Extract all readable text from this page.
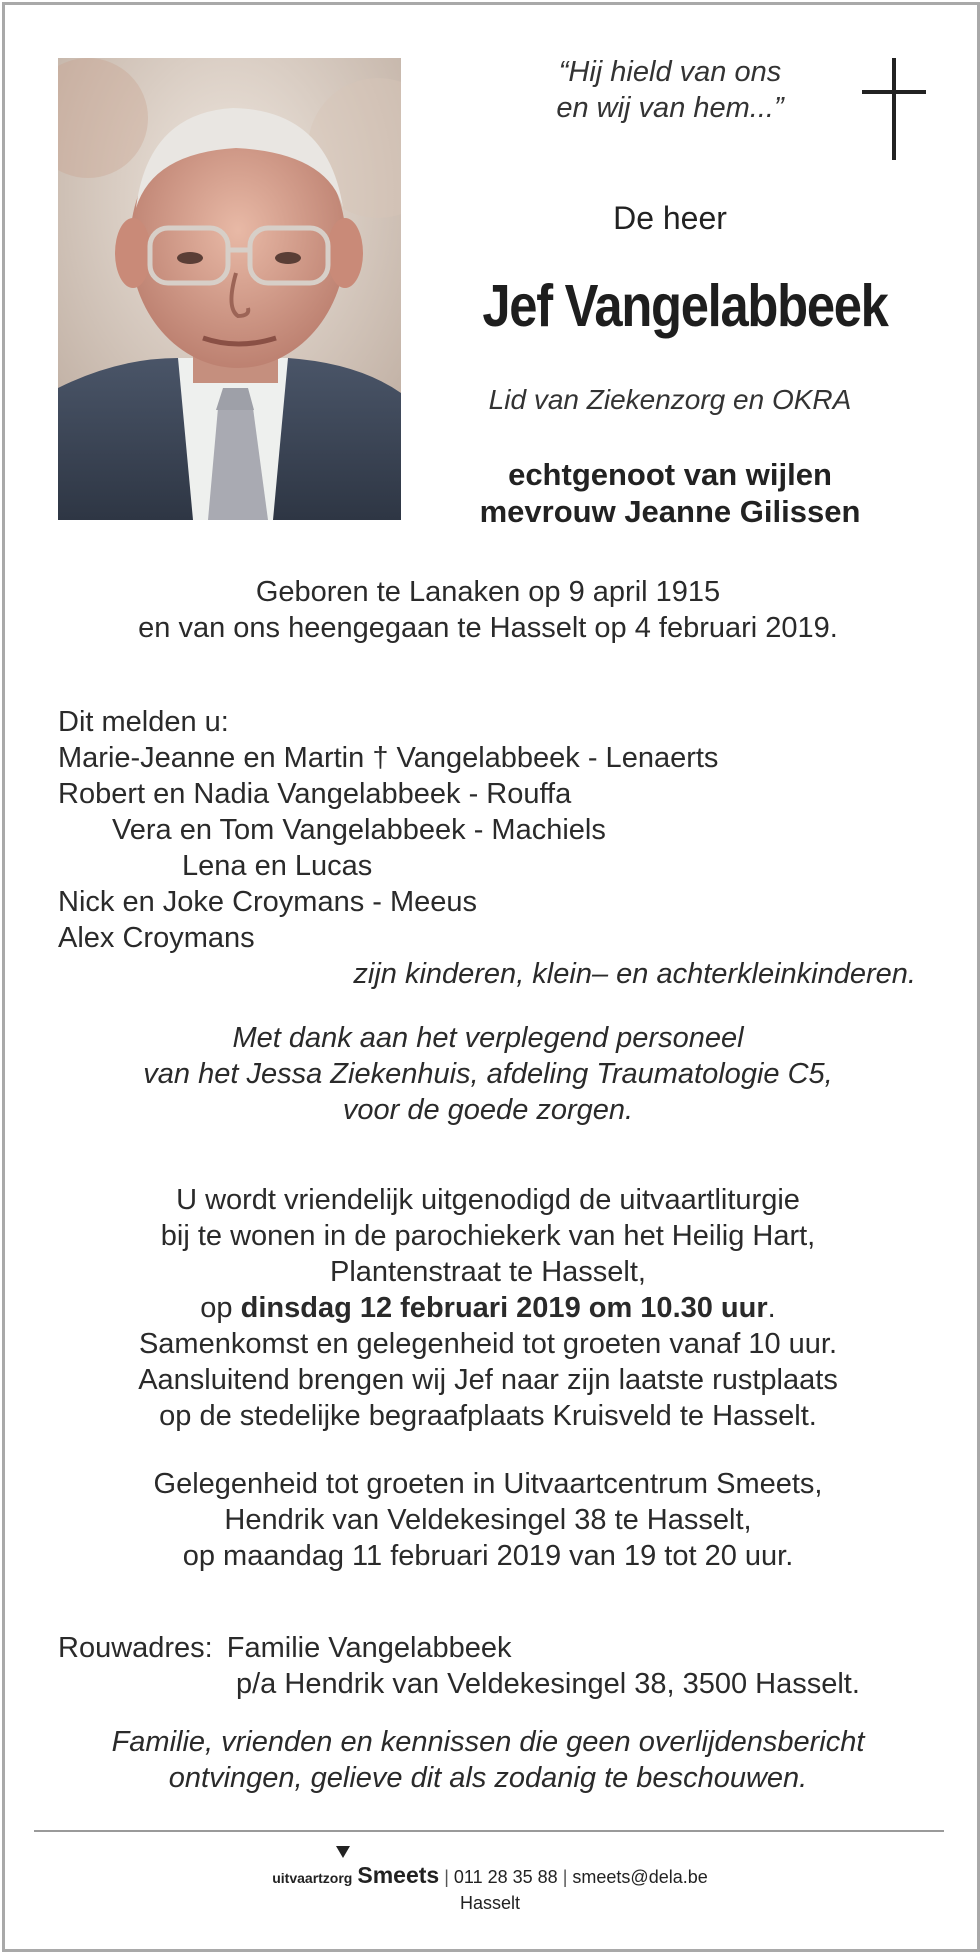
“Hij hield van ons
en wij van hem...”
De heer
Jef Vangelabbeek
Lid van Ziekenzorg en OKRA
echtgenoot van wijlen
mevrouw Jeanne Gilissen
Geboren te Lanaken op 9 april 1915
en van ons heengegaan te Hasselt op 4 februari 2019.
Dit melden u:
Marie-Jeanne en Martin † Vangelabbeek - Lenaerts
Robert en Nadia Vangelabbeek - Rouffa
Vera en Tom Vangelabbeek - Machiels
Lena en Lucas
Nick en Joke Croymans - Meeus
Alex Croymans
zijn kinderen, klein– en achterkleinkinderen.
Met dank aan het verplegend personeel
van het Jessa Ziekenhuis, afdeling Traumatologie C5,
voor de goede zorgen.
U wordt vriendelijk uitgenodigd de uitvaartliturgie
bij te wonen in de parochiekerk van het Heilig Hart,
Plantenstraat te Hasselt,
op dinsdag 12 februari 2019 om 10.30 uur.
Samenkomst en gelegenheid tot groeten vanaf 10 uur.
Aansluitend brengen wij Jef naar zijn laatste rustplaats
op de stedelijke begraafplaats Kruisveld te Hasselt.
Gelegenheid tot groeten in Uitvaartcentrum Smeets,
Hendrik van Veldekesingel 38 te Hasselt,
op maandag 11 februari 2019 van 19 tot 20 uur.
Rouwadres: Familie Vangelabbeek
p/a Hendrik van Veldekesingel 38, 3500 Hasselt.
Familie, vrienden en kennissen die geen overlijdensbericht
ontvingen, gelieve dit als zodanig te beschouwen.
uitvaartzorg Smeets | 011 28 35 88 | smeets@dela.be
Hasselt
